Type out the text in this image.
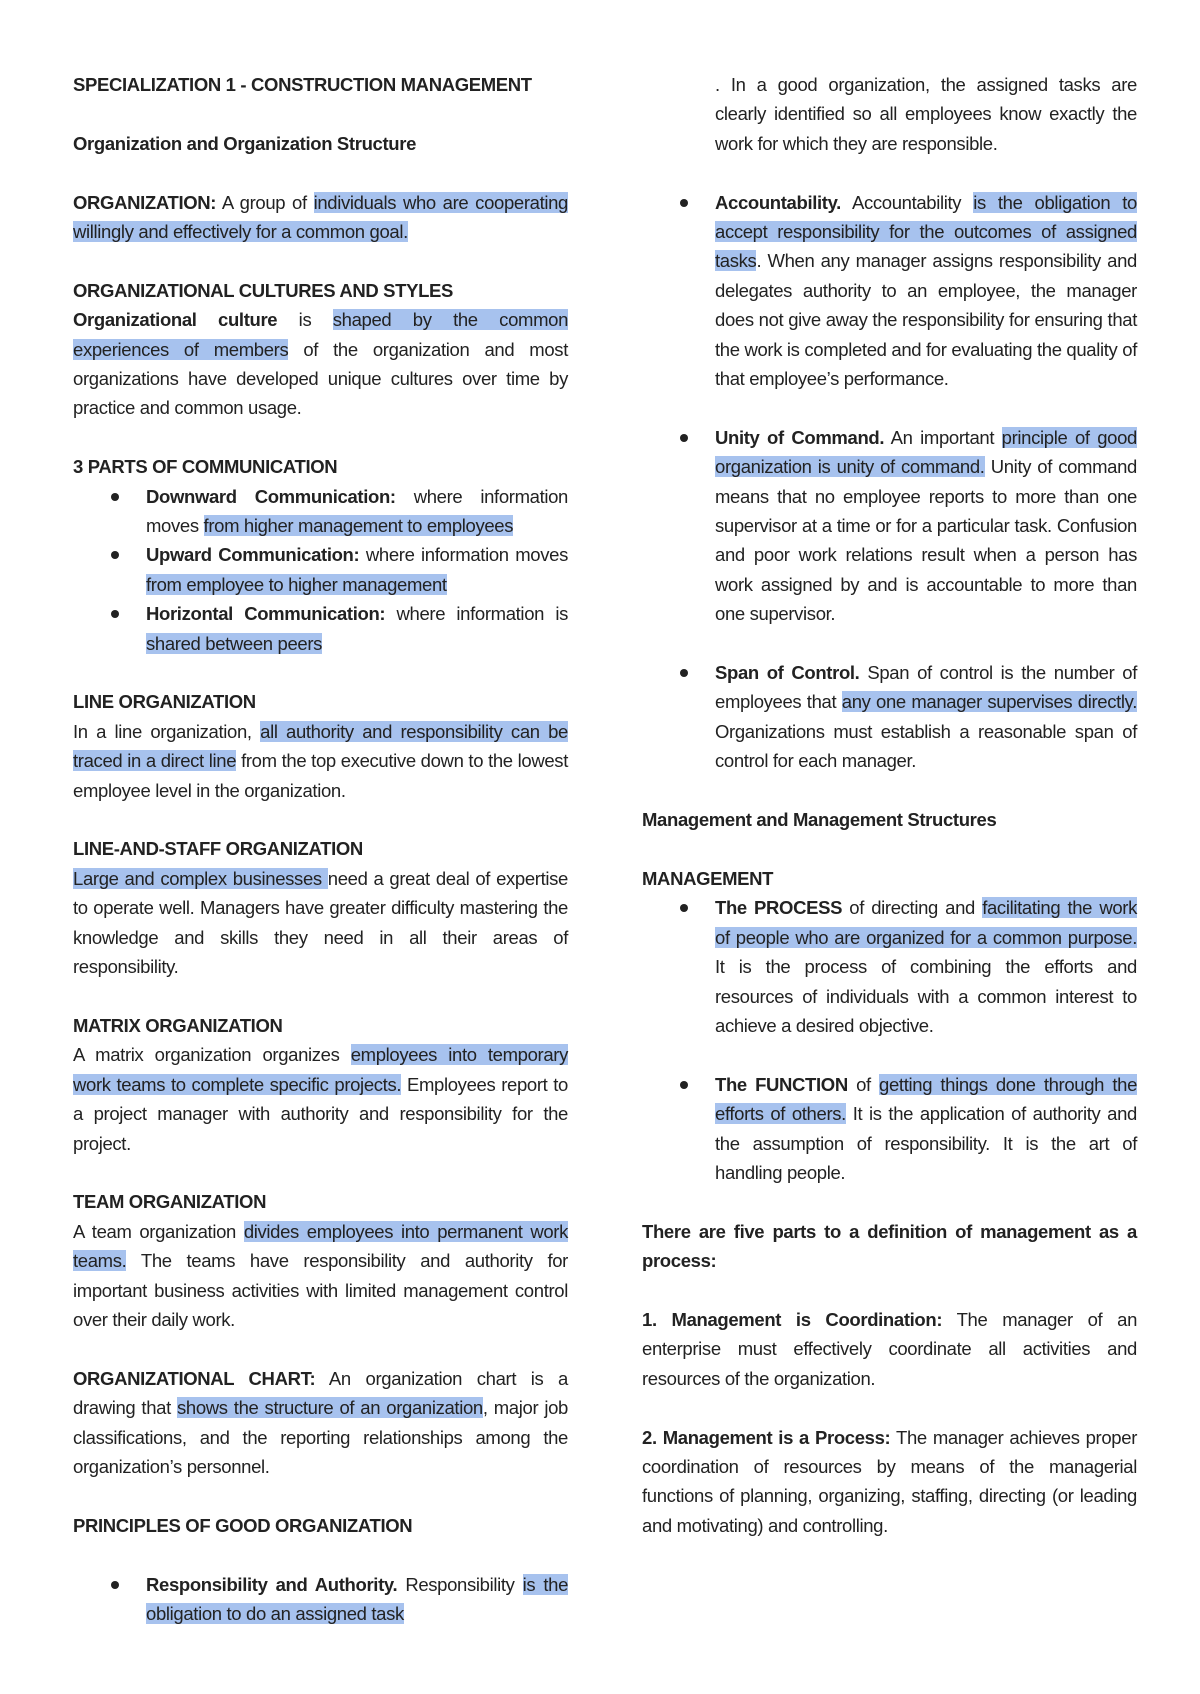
SPECIALIZATION 1 - CONSTRUCTION MANAGEMENT

Organization and Organization Structure

ORGANIZATION: A group of individuals who are cooperating willingly and effectively for a common goal.

ORGANIZATIONAL CULTURES AND STYLES

Organizational culture is shaped by the common experiences of members of the organization and most organizations have developed unique cultures over time by practice and common usage.

3 PARTS OF COMMUNICATION

Downward Communication: where information moves from higher management to employees
Upward Communication: where information moves from employee to higher management
Horizontal Communication: where information is shared between peers

LINE ORGANIZATION

In a line organization, all authority and responsibility can be traced in a direct line from the top executive down to the lowest employee level in the organization.

LINE-AND-STAFF ORGANIZATION

Large and complex businesses need a great deal of expertise to operate well. Managers have greater difficulty mastering the knowledge and skills they need in all their areas of responsibility.

MATRIX ORGANIZATION

A matrix organization organizes employees into temporary work teams to complete specific projects. Employees report to a project manager with authority and responsibility for the project.

TEAM ORGANIZATION

A team organization divides employees into permanent work teams. The teams have responsibility and authority for important business activities with limited management control over their daily work.

ORGANIZATIONAL CHART: An organization chart is a drawing that shows the structure of an organization, major job classifications, and the reporting relationships among the organization’s personnel.

PRINCIPLES OF GOOD ORGANIZATION

Responsibility and Authority. Responsibility is the obligation to do an assigned task

. In a good organization, the assigned tasks are clearly identified so all employees know exactly the work for which they are responsible.

Accountability. Accountability is the obligation to accept responsibility for the outcomes of assigned tasks. When any manager assigns responsibility and delegates authority to an employee, the manager does not give away the responsibility for ensuring that the work is completed and for evaluating the quality of that employee’s performance.
Unity of Command. An important principle of good organization is unity of command. Unity of command means that no employee reports to more than one supervisor at a time or for a particular task. Confusion and poor work relations result when a person has work assigned by and is accountable to more than one supervisor.
Span of Control. Span of control is the number of employees that any one manager supervises directly. Organizations must establish a reasonable span of control for each manager.

Management and Management Structures

MANAGEMENT

The PROCESS of directing and facilitating the work of people who are organized for a common purpose. It is the process of combining the efforts and resources of individuals with a common interest to achieve a desired objective.
The FUNCTION of getting things done through the efforts of others. It is the application of authority and the assumption of responsibility. It is the art of handling people.

There are five parts to a definition of management as a process:

1. Management is Coordination: The manager of an enterprise must effectively coordinate all activities and resources of the organization.

2. Management is a Process: The manager achieves proper coordination of resources by means of the managerial functions of planning, organizing, staffing, directing (or leading and motivating) and controlling.
